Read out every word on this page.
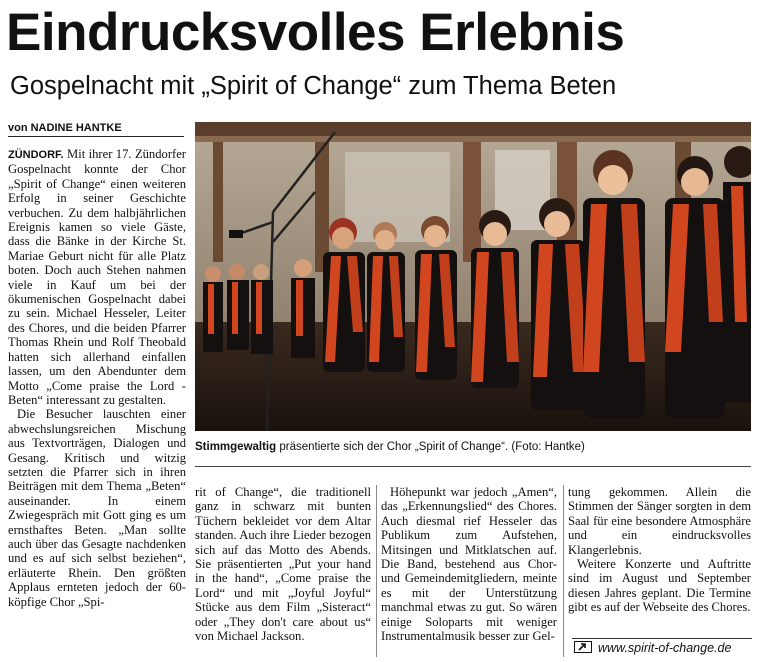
Eindrucksvolles Erlebnis
Gospelnacht mit „Spirit of Change“ zum Thema Beten
von NADINE HANTKE

ZÜNDORF. Mit ihrer 17. Zündorfer Gospelnacht konnte der Chor „Spirit of Change“ einen weiteren Erfolg in seiner Geschichte verbuchen. Zu dem halbjährlichen Ereignis kamen so viele Gäste, dass die Bänke in der Kirche St. Mariae Geburt nicht für alle Platz boten. Doch auch Stehen nahmen viele in Kauf um bei der ökumenischen Gospelnacht dabei zu sein. Michael Hesseler, Leiter des Chores, und die beiden Pfarrer Thomas Rhein und Rolf Theobald hatten sich allerhand einfallen lassen, um den Abendunter dem Motto „Come praise the Lord - Beten“ interessant zu gestalten.

Die Besucher lauschten einer abwechslungsreichen Mischung aus Textvorträgen, Dialogen und Gesang. Kritisch und witzig setzten die Pfarrer sich in ihren Beiträgen mit dem Thema „Beten“ auseinander. In einem Zwiegespräch mit Gott ging es um ernsthaftes Beten. „Man sollte auch über das Gesagte nachdenken und es auf sich selbst beziehen“, erläuterte Rhein. Den größten Applaus ernteten jedoch der 60-köpfige Chor „Spi-

Stimmgewaltig präsentierte sich der Chor „Spirit of Change“. (Foto: Hantke)

rit of Change“, die traditionell ganz in schwarz mit bunten Tüchern bekleidet vor dem Altar standen. Auch ihre Lieder bezogen sich auf das Motto des Abends. Sie präsentierten „Put your hand in the hand“, „Come praise the Lord“ und mit „Joyful Joyful“ Stücke aus dem Film „Sisteract“ oder „They don't care about us“ von Michael Jackson.

Höhepunkt war jedoch „Amen“, das „Erkennungslied“ des Chores. Auch diesmal rief Hesseler das Publikum zum Aufstehen, Mitsingen und Mitklatschen auf. Die Band, bestehend aus Chor- und Gemeindemitgliedern, meinte es mit der Unterstützung manchmal etwas zu gut. So wären einige Soloparts mit weniger Instrumentalmusik besser zur Gel-

tung gekommen. Allein die Stimmen der Sänger sorgten in dem Saal für eine besondere Atmosphäre und ein eindrucksvolles Klangerlebnis.

Weitere Konzerte und Auftritte sind im August und September diesen Jahres geplant. Die Termine gibt es auf der Webseite des Chores.

www.spirit-of-change.de
